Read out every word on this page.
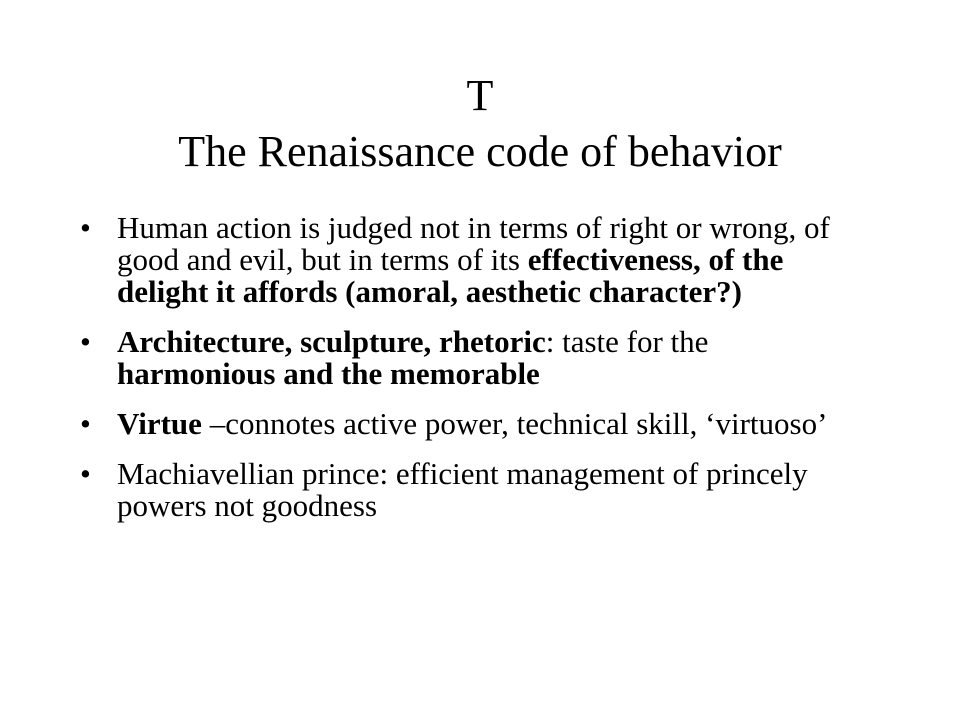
T
The Renaissance code of behavior
• Human action is judged not in terms of right or wrong, of good and evil, but in terms of its effectiveness, of the delight it affords (amoral, aesthetic character?)
• Architecture, sculpture, rhetoric: taste for the harmonious and the memorable
• Virtue –connotes active power, technical skill, ‘virtuoso’
• Machiavellian prince: efficient management of princely powers not goodness
